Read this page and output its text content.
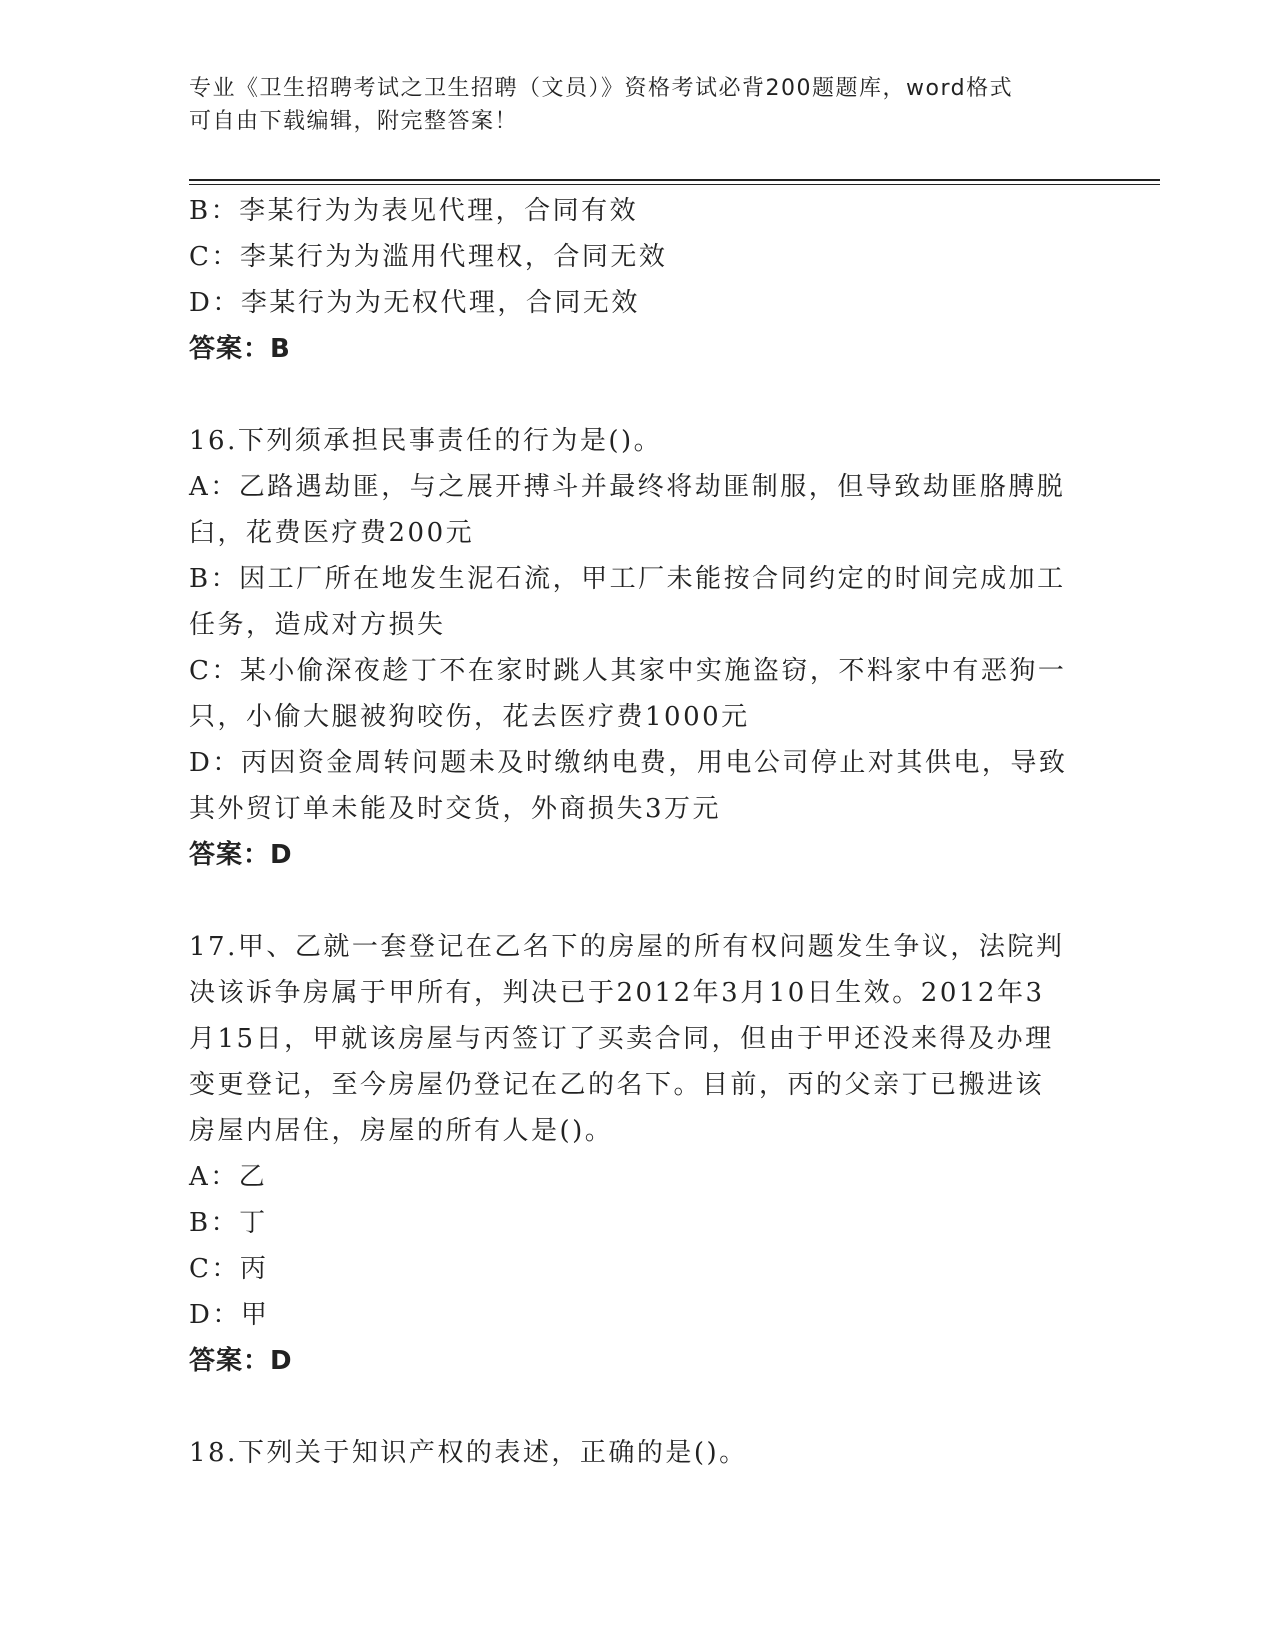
专业《卫生招聘考试之卫生招聘（文员）》资格考试必背200题题库，word格式
可自由下载编辑，附完整答案！
B：李某行为为表见代理，合同有效
C：李某行为为滥用代理权，合同无效
D：李某行为为无权代理，合同无效
答案：B
16.下列须承担民事责任的行为是()。
A：乙路遇劫匪，与之展开搏斗并最终将劫匪制服，但导致劫匪胳膊脱
臼，花费医疗费200元
B：因工厂所在地发生泥石流，甲工厂未能按合同约定的时间完成加工
任务，造成对方损失
C：某小偷深夜趁丁不在家时跳人其家中实施盗窃，不料家中有恶狗一
只，小偷大腿被狗咬伤，花去医疗费1000元
D：丙因资金周转问题未及时缴纳电费，用电公司停止对其供电，导致
其外贸订单未能及时交货，外商损失3万元
答案：D
17.甲、乙就一套登记在乙名下的房屋的所有权问题发生争议，法院判
决该诉争房属于甲所有，判决已于2012年3月10日生效。2012年3
月15日，甲就该房屋与丙签订了买卖合同，但由于甲还没来得及办理
变更登记，至今房屋仍登记在乙的名下。目前，丙的父亲丁已搬进该
房屋内居住，房屋的所有人是()。
A：乙
B：丁
C：丙
D：甲
答案：D
18.下列关于知识产权的表述，正确的是()。
